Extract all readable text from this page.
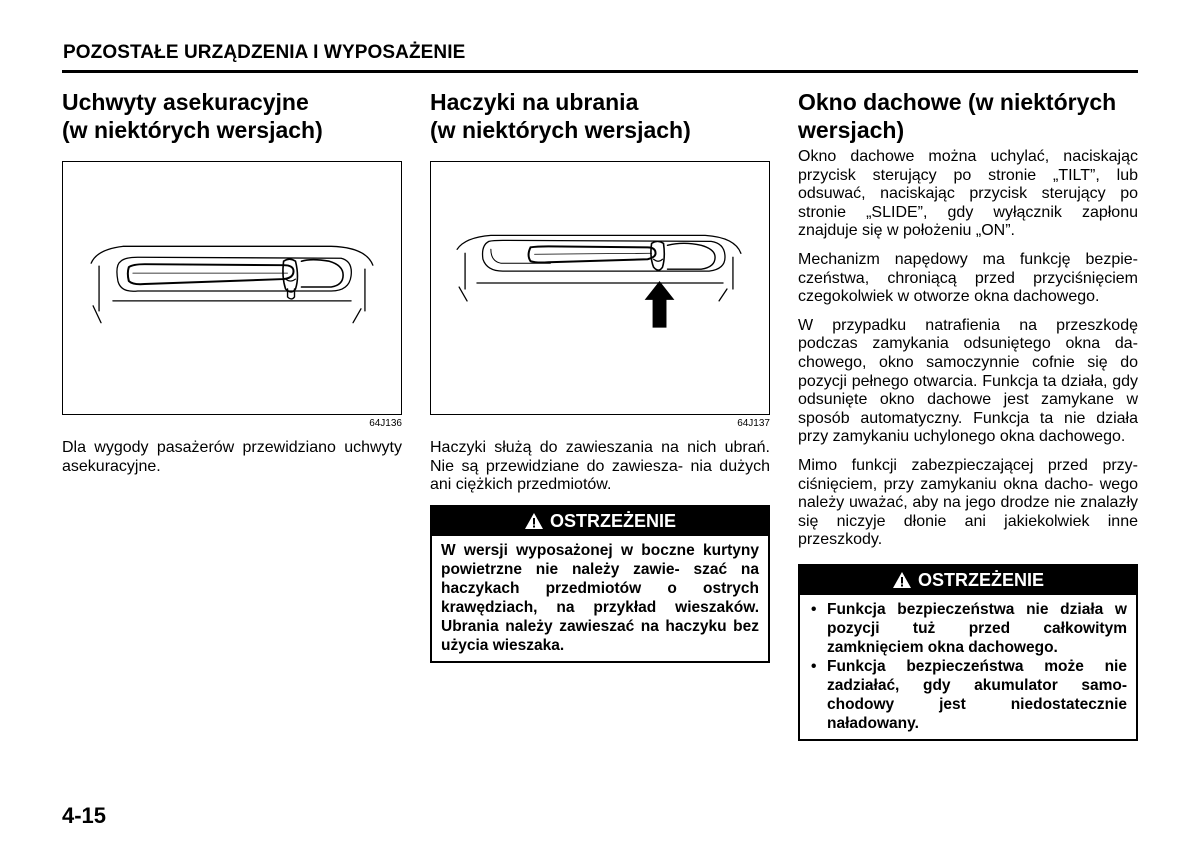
POZOSTAŁE URZĄDZENIA I WYPOSAŻENIE
Uchwyty asekuracyjne
(w niektórych wersjach)
64J136

Dla wygody pasażerów przewidziano uchwyty asekuracyjne.

Haczyki na ubrania
(w niektórych wersjach)
64J137

Haczyki służą do zawieszania na nich ubrań. Nie są przewidziane do zawiesza- nia dużych ani ciężkich przedmiotów.

OSTRZEŻENIE
W wersji wyposażonej w boczne kurtyny powietrzne nie należy zawie- szać na haczykach przedmiotów o ostrych krawędziach, na przykład wieszaków. Ubrania należy zawieszać na haczyku bez użycia wieszaka.
Okno dachowe (w niektórych
wersjach)

Okno dachowe można uchylać, naciskając przycisk sterujący po stronie „TILT”, lub odsuwać, naciskając przycisk sterujący po stronie „SLIDE”, gdy wyłącznik zapłonu znajduje się w położeniu „ON”.

Mechanizm napędowy ma funkcję bezpie- czeństwa, chroniącą przed przyciśnięciem czegokolwiek w otworze okna dachowego.

W przypadku natrafienia na przeszkodę podczas zamykania odsuniętego okna da- chowego, okno samoczynnie cofnie się do pozycji pełnego otwarcia. Funkcja ta działa, gdy odsunięte okno dachowe jest zamykane w sposób automatyczny. Funkcja ta nie działa przy zamykaniu uchylonego okna dachowego.

Mimo funkcji zabezpieczającej przed przy- ciśnięciem, przy zamykaniu okna dacho- wego należy uważać, aby na jego drodze nie znalazły się niczyje dłonie ani jakiekolwiek inne przeszkody.

OSTRZEŻENIE
• Funkcja bezpieczeństwa nie działa w pozycji tuż przed całkowitym zamknięciem okna dachowego.
• Funkcja bezpieczeństwa może nie zadziałać, gdy akumulator samo- chodowy jest niedostatecznie naładowany.
4-15
